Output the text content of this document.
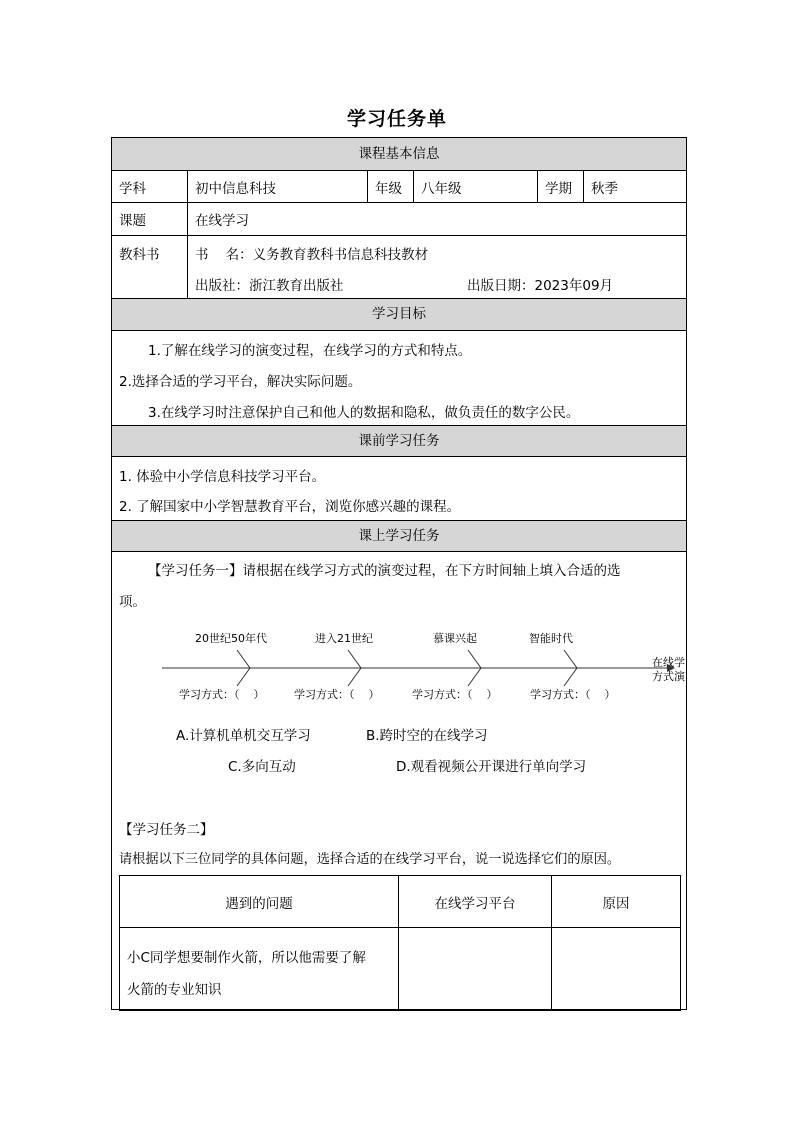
学习任务单
课程基本信息
学科	初中信息科技	年级	八年级	学期	秋季
课题	在线学习
教科书	书    名：义务教育教科书信息科技教材
出版社：浙江教育出版社	出版日期：2023年09月
学习目标
1.了解在线学习的演变过程，在线学习的方式和特点。
2.选择合适的学习平台，解决实际问题。
3.在线学习时注意保护自己和他人的数据和隐私，做负责任的数字公民。
课前学习任务
1. 体验中小学信息科技学习平台。
2. 了解国家中小学智慧教育平台，浏览你感兴趣的课程。
课上学习任务
【学习任务一】请根据在线学习方式的演变过程，在下方时间轴上填入合适的选
项。
20世纪50年代	进入21世纪	慕课兴起	智能时代
学习方式：（    ）	学习方式：（    ）	学习方式：（    ）	学习方式：（    ）
在线学
方式演
A.计算机单机交互学习	B.跨时空的在线学习
C.多向互动	D.观看视频公开课进行单向学习
【学习任务二】
请根据以下三位同学的具体问题，选择合适的在线学习平台，说一说选择它们的原因。
遇到的问题	在线学习平台	原因
小C同学想要制作火箭，所以他需要了解
火箭的专业知识
